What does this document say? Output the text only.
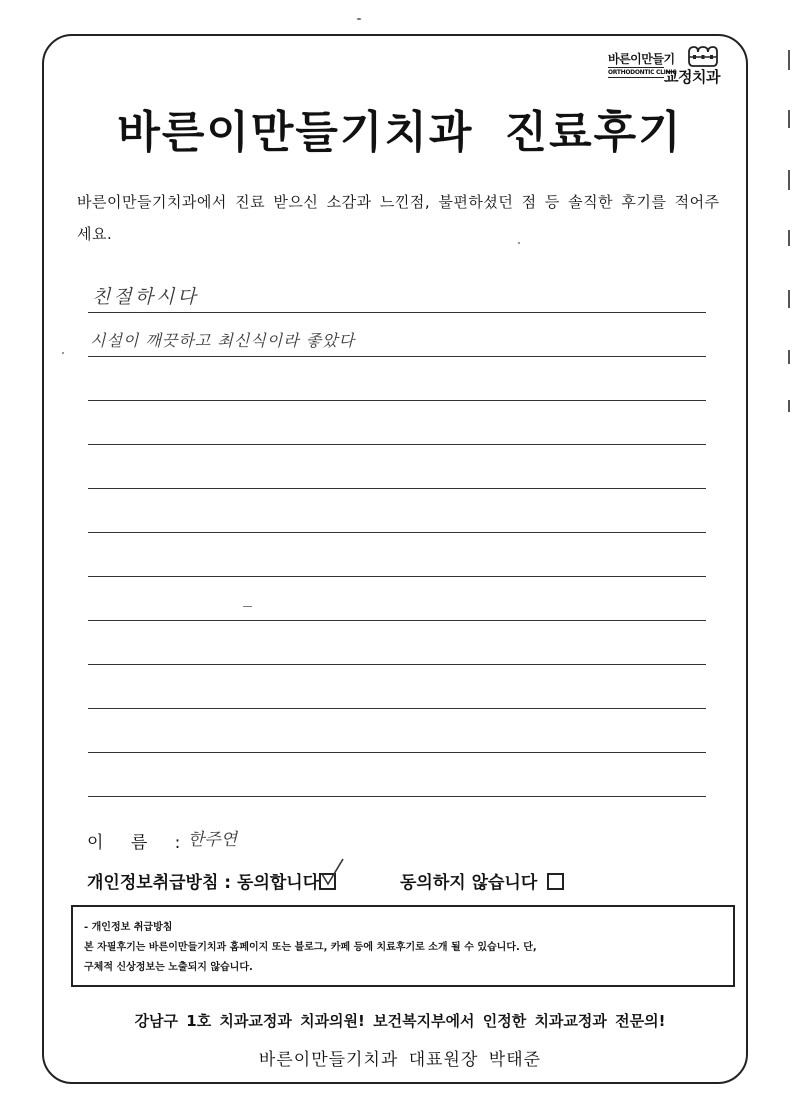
바른이만들기
ORTHODONTIC CLINIC
교정치과
바른이만들기치과 진료후기
바른이만들기치과에서 진료 받으신 소감과 느낀점, 불편하셨던 점 등 솔직한 후기를 적어주세요.
친절하시다
시설이 깨끗하고 최신식이라 좋았다
이 름 : 한주연
개인정보취급방침 : 동의합니다	동의하지 않습니다
- 개인정보 취급방침
본 자필후기는 바른이만들기치과 홈페이지 또는 블로그, 카페 등에 치료후기로 소개 될 수 있습니다. 단,
구체적 신상정보는 노출되지 않습니다.
강남구 1호 치과교정과 치과의원! 보건복지부에서 인정한 치과교정과 전문의!
바른이만들기치과 대표원장 박태준
